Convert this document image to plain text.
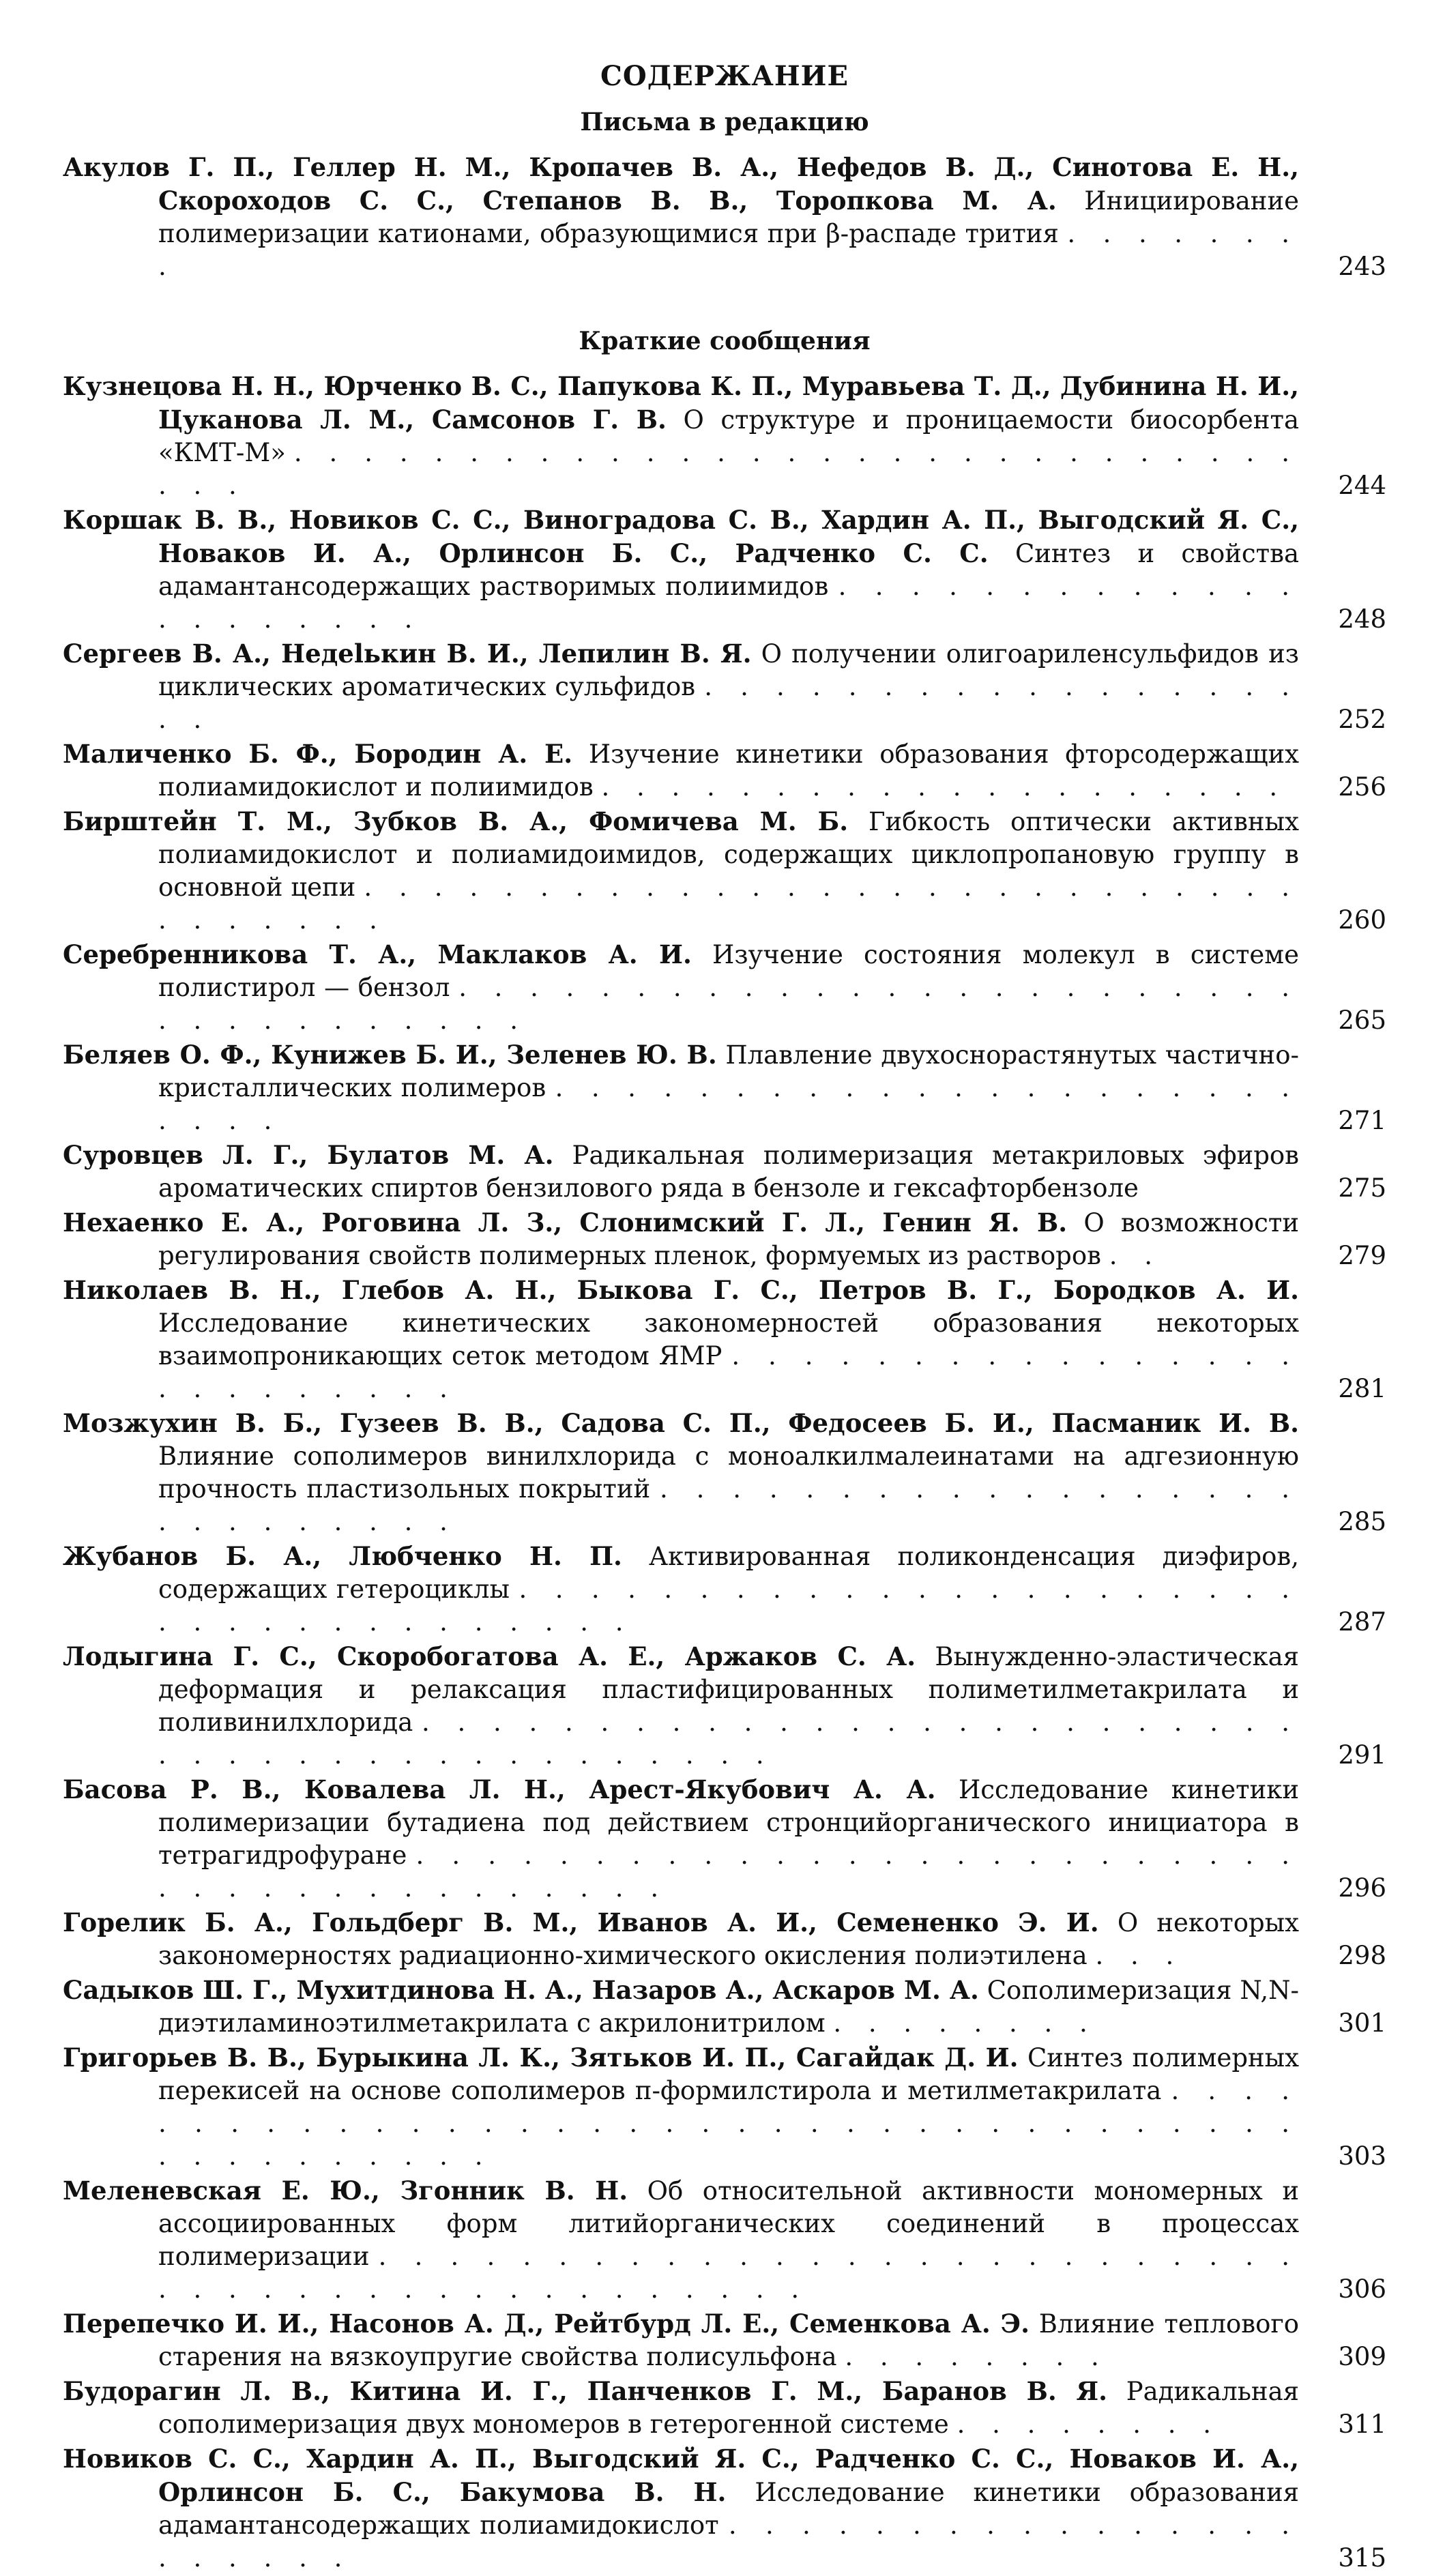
СОДЕРЖАНИЕ
Письма в редакцию
Акулов Г. П., Геллер Н. М., Кропачев В. А., Нефедов В. Д., Синотова Е. Н., Скороходов С. С., Степанов В. В., Торопкова М. А. Инициирование полимеризации катионами, образующимися при β-распаде трития . . . . . . . .	243
Краткие сообщения
Кузнецова Н. Н., Юрченко В. С., Папукова К. П., Муравьева Т. Д., Дубинина Н. И., Цуканова Л. М., Самсонов Г. В. О структуре и проницаемости биосорбента «КМТ-М» . . . . . . . . . . . . . . . . . . . . . . . . . . . . . . . .	244
Коршак В. В., Новиков С. С., Виноградова С. В., Хардин А. П., Выгодский Я. С., Новаков И. А., Орлинсон Б. С., Радченко С. С. Синтез и свойства адамантансодержащих растворимых полиимидов . . . . . . . . . . . . . . . . . . . . .	248
Сергеев В. А., Недelькин В. И., Лепилин В. Я. О получении олигоариленсульфидов из циклических ароматических сульфидов . . . . . . . . . . . . . . . . . . .	252
Маличенко Б. Ф., Бородин А. Е. Изучение кинетики образования фторсодержащих полиамидокислот и полиимидов . . . . . . . . . . . . . . . . . . . .	256
Бирштейн Т. М., Зубков В. А., Фомичева М. Б. Гибкость оптически активных полиамидокислот и полиамидоимидов, содержащих циклопропановую группу в основной цепи . . . . . . . . . . . . . . . . . . . . . . . . . . . . . . . . . .	260
Серебренникова Т. А., Маклаков А. И. Изучение состояния молекул в системе полистирол — бензол . . . . . . . . . . . . . . . . . . . . . . . . . . . . . . . . . . .	265
Беляев О. Ф., Кунижев Б. И., Зеленев Ю. В. Плавление двухоснорастянутых частично-кристаллических полимеров . . . . . . . . . . . . . . . . . . . . . . . . .	271
Суровцев Л. Г., Булатов М. А. Радикальная полимеризация метакриловых эфиров ароматических спиртов бензилового ряда в бензоле и гексафторбензоле	275
Нехаенко Е. А., Роговина Л. З., Слонимский Г. Л., Генин Я. В. О возможности регулирования свойств полимерных пленок, формуемых из растворов . .	279
Николаев В. Н., Глебов А. Н., Быкова Г. С., Петров В. Г., Бородков А. И. Исследование кинетических закономерностей образования некоторых взаимопроникающих сеток методом ЯМР . . . . . . . . . . . . . . . . . . . . . . . . .	281
Мозжухин В. Б., Гузеев В. В., Садова С. П., Федосеев Б. И., Пасманик И. В. Влияние сополимеров винилхлорида с моноалкилмалеинатами на адгезионную прочность пластизольных покрытий . . . . . . . . . . . . . . . . . . . . . . . . . . .	285
Жубанов Б. А., Любченко Н. П. Активированная поликонденсация диэфиров, содержащих гетероциклы . . . . . . . . . . . . . . . . . . . . . . . . . . . . . . . . . . . .	287
Лодыгина Г. С., Скоробогатова А. Е., Аржаков С. А. Вынужденно-эластическая деформация и релаксация пластифицированных полиметилметакрилата и поливинилхлорида . . . . . . . . . . . . . . . . . . . . . . . . . . . . . . . . . . . . . . . . . . .	291
Басова Р. В., Ковалева Л. Н., Арест-Якубович А. А. Исследование кинетики полимеризации бутадиена под действием стронцийорганического инициатора в тетрагидрофуране . . . . . . . . . . . . . . . . . . . . . . . . . . . . . . . . . . . . . . . .	296
Горелик Б. А., Гольдберг В. М., Иванов А. И., Семененко Э. И. О некоторых закономерностях радиационно-химического окисления полиэтилена . . .	298
Садыков Ш. Г., Мухитдинова Н. А., Назаров А., Аскаров М. А. Сополимеризация N,N-диэтиламиноэтилметакрилата с акрилонитрилом . . . . . . . .	301
Григорьев В. В., Бурыкина Л. К., Зятьков И. П., Сагайдак Д. И. Синтез полимерных перекисей на основе сополимеров п-формилстирола и метилметакрилата . . . . . . . . . . . . . . . . . . . . . . . . . . . . . . . . . . . . . . . . . . . . . .	303
Меленевская Е. Ю., Згонник В. Н. Об относительной активности мономерных и ассоциированных форм литийорганических соединений в процессах полимеризации . . . . . . . . . . . . . . . . . . . . . . . . . . . . . . . . . . . . . . . . . . . . .	306
Перепечко И. И., Насонов А. Д., Рейтбурд Л. Е., Семенкова А. Э. Влияние теплового старения на вязкоупругие свойства полисульфона . . . . . . . .	309
Будорагин Л. В., Китина И. Г., Панченков Г. М., Баранов В. Я. Радикальная сополимеризация двух мономеров в гетерогенной системе . . . . . . . .	311
Новиков С. С., Хардин А. П., Выгодский Я. С., Радченко С. С., Новаков И. А., Орлинсон Б. С., Бакумова В. Н. Исследование кинетики образования адамантансодержащих полиамидокислот . . . . . . . . . . . . . . . . . . . . . .	315
